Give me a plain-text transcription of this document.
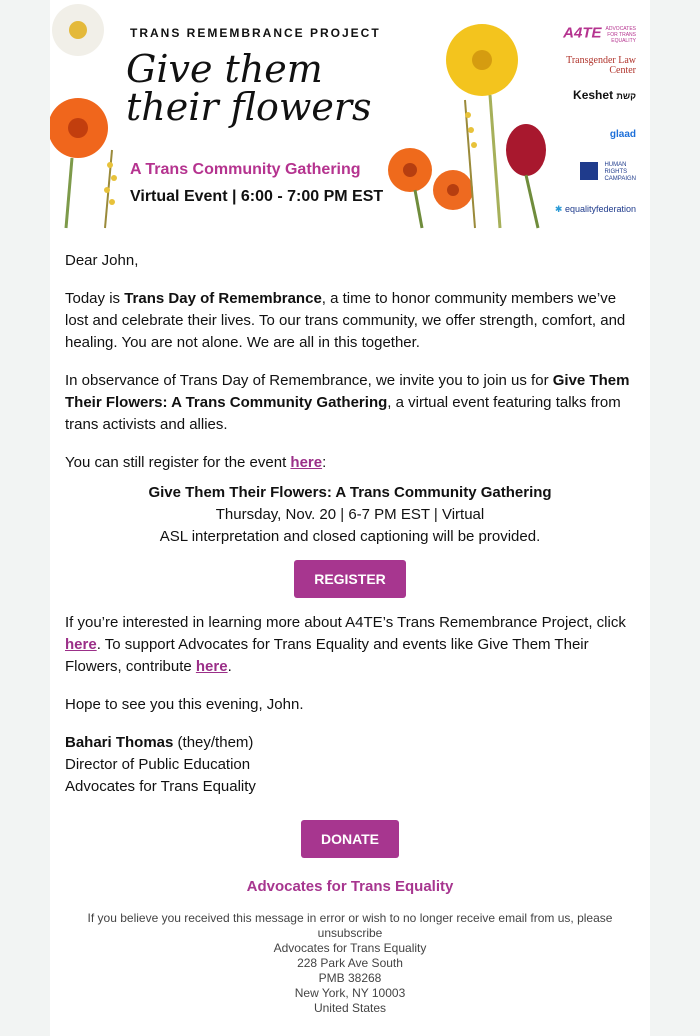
TRANS REMEMBRANCE PROJECT
Give them
their flowers
A Trans Community Gathering
Virtual Event | 6:00 - 7:00 PM EST
A4TE ADVOCATES FOR TRANS EQUALITY
Transgender Law Center
Keshet קשת
glaad
HUMAN
RIGHTS
CAMPAIGN
✱ equalityfederation

Dear John,

Today is Trans Day of Remembrance, a time to honor community members we’ve lost and celebrate their lives. To our trans community, we offer strength, comfort, and healing. You are not alone. We are all in this together.

In observance of Trans Day of Remembrance, we invite you to join us for Give Them Their Flowers: A Trans Community Gathering, a virtual event featuring talks from trans activists and allies.

You can still register for the event here:

Give Them Their Flowers: A Trans Community Gathering
Thursday, Nov. 20 | 6-7 PM EST | Virtual
ASL interpretation and closed captioning will be provided.
REGISTER

If you’re interested in learning more about A4TE’s Trans Remembrance Project, click here. To support Advocates for Trans Equality and events like Give Them Their Flowers, contribute here.

Hope to see you this evening, John.

Bahari Thomas (they/them)
Director of Public Education
Advocates for Trans Equality
DONATE
Advocates for Trans Equality
If you believe you received this message in error or wish to no longer receive email from us, please
unsubscribe
Advocates for Trans Equality
228 Park Ave South
PMB 38268
New York, NY 10003
United States
